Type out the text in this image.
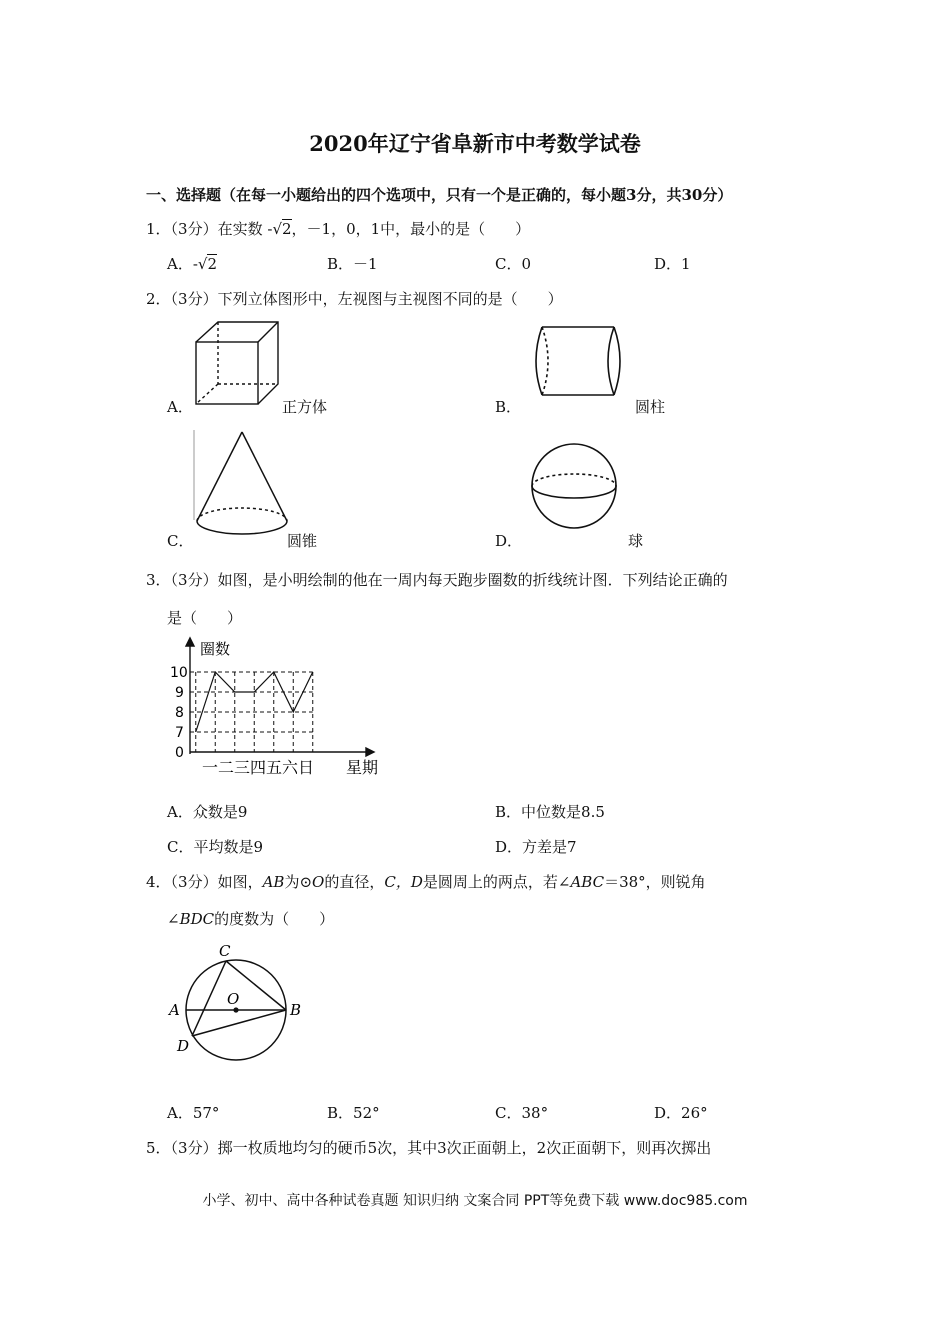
2020年辽宁省阜新市中考数学试卷
一、选择题（在每一小题给出的四个选项中，只有一个是正确的，每小题3分，共30分）
1．（3分）在实数 -√2，－1，0，1中，最小的是（　　）
A．-√2	B．－1	C．0	D．1
2．（3分）下列立体图形中，左视图与主视图不同的是（　　）
A．	正方体	B．	圆柱
C．	圆锥	D．	球
3．（3分）如图，是小明绘制的他在一周内每天跑步圈数的折线统计图．下列结论正确的
是（　　）
圈数
10
9
8
7
0
一二三四五六日 星期
A．众数是9	B．中位数是8.5
C．平均数是9	D．方差是7
4．（3分）如图，AB为⊙O的直径，C，D是圆周上的两点，若∠ABC＝38°，则锐角
∠BDC的度数为（　　）
C
O
A	B
D
A．57°	B．52°	C．38°	D．26°
5．（3分）掷一枚质地均匀的硬币5次，其中3次正面朝上，2次正面朝下，则再次掷出
小学、初中、高中各种试卷真题 知识归纳 文案合同 PPT等免费下载 www.doc985.com
